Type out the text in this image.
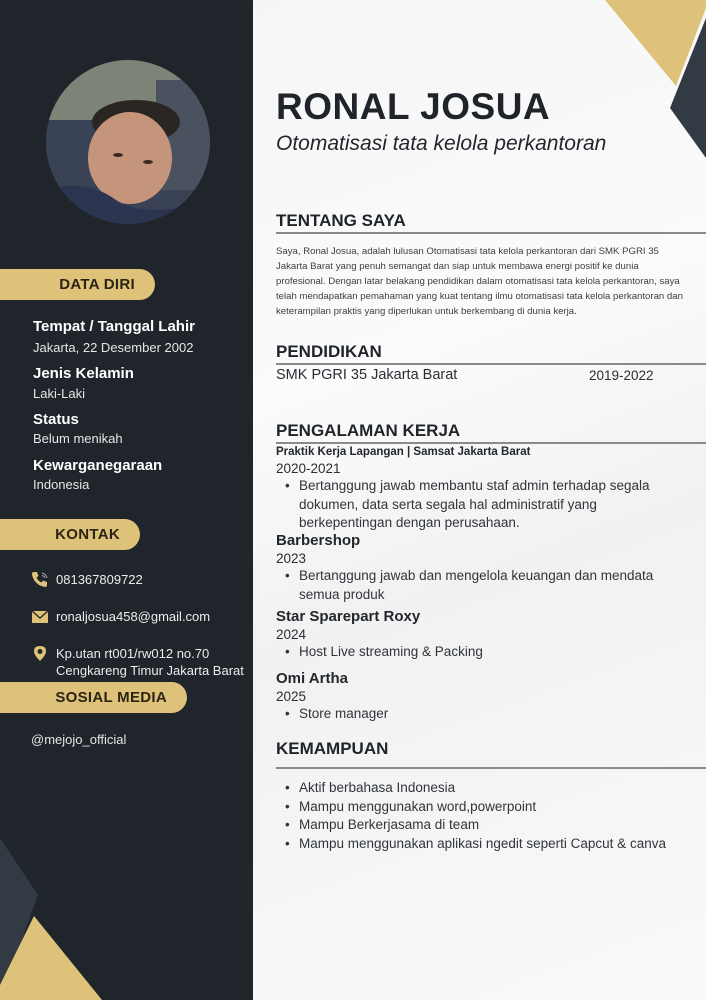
DATA DIRI
Tempat / Tanggal Lahir
Jakarta, 22 Desember 2002
Jenis Kelamin
Laki-Laki
Status
Belum menikah
Kewarganegaraan
Indonesia
KONTAK
081367809722
ronaljosua458@gmail.com
Kp.utan rt001/rw012 no.70
Cengkareng Timur Jakarta Barat
SOSIAL MEDIA
@mejojo_official
RONAL JOSUA
Otomatisasi tata kelola perkantoran
TENTANG SAYA

Saya, Ronal Josua, adalah lulusan Otomatisasi tata kelola perkantoran dari SMK PGRI 35 Jakarta Barat yang penuh semangat dan siap untuk membawa energi positif ke dunia profesional. Dengan latar belakang pendidikan dalam otomatisasi tata kelola perkantoran, saya telah mendapatkan pemahaman yang kuat tentang ilmu otomatisasi tata kelola perkantoran dan keterampilan praktis yang diperlukan untuk berkembang di dunia kerja.

PENDIDIKAN
SMK PGRI 35 Jakarta Barat	2019-2022
PENGALAMAN KERJA
Praktik Kerja Lapangan | Samsat Jakarta Barat
2020-2021
• Bertanggung jawab membantu staf admin terhadap segala dokumen, data serta segala hal administratif yang berkepentingan dengan perusahaan.
Barbershop
2023
• Bertanggung jawab dan mengelola keuangan dan mendata semua produk
Star Sparepart Roxy
2024
• Host Live streaming & Packing
Omi Artha
2025
• Store manager
KEMAMPUAN
• Aktif berbahasa Indonesia
• Mampu menggunakan word,powerpoint
• Mampu Berkerjasama di team
• Mampu menggunakan aplikasi ngedit seperti Capcut & canva
